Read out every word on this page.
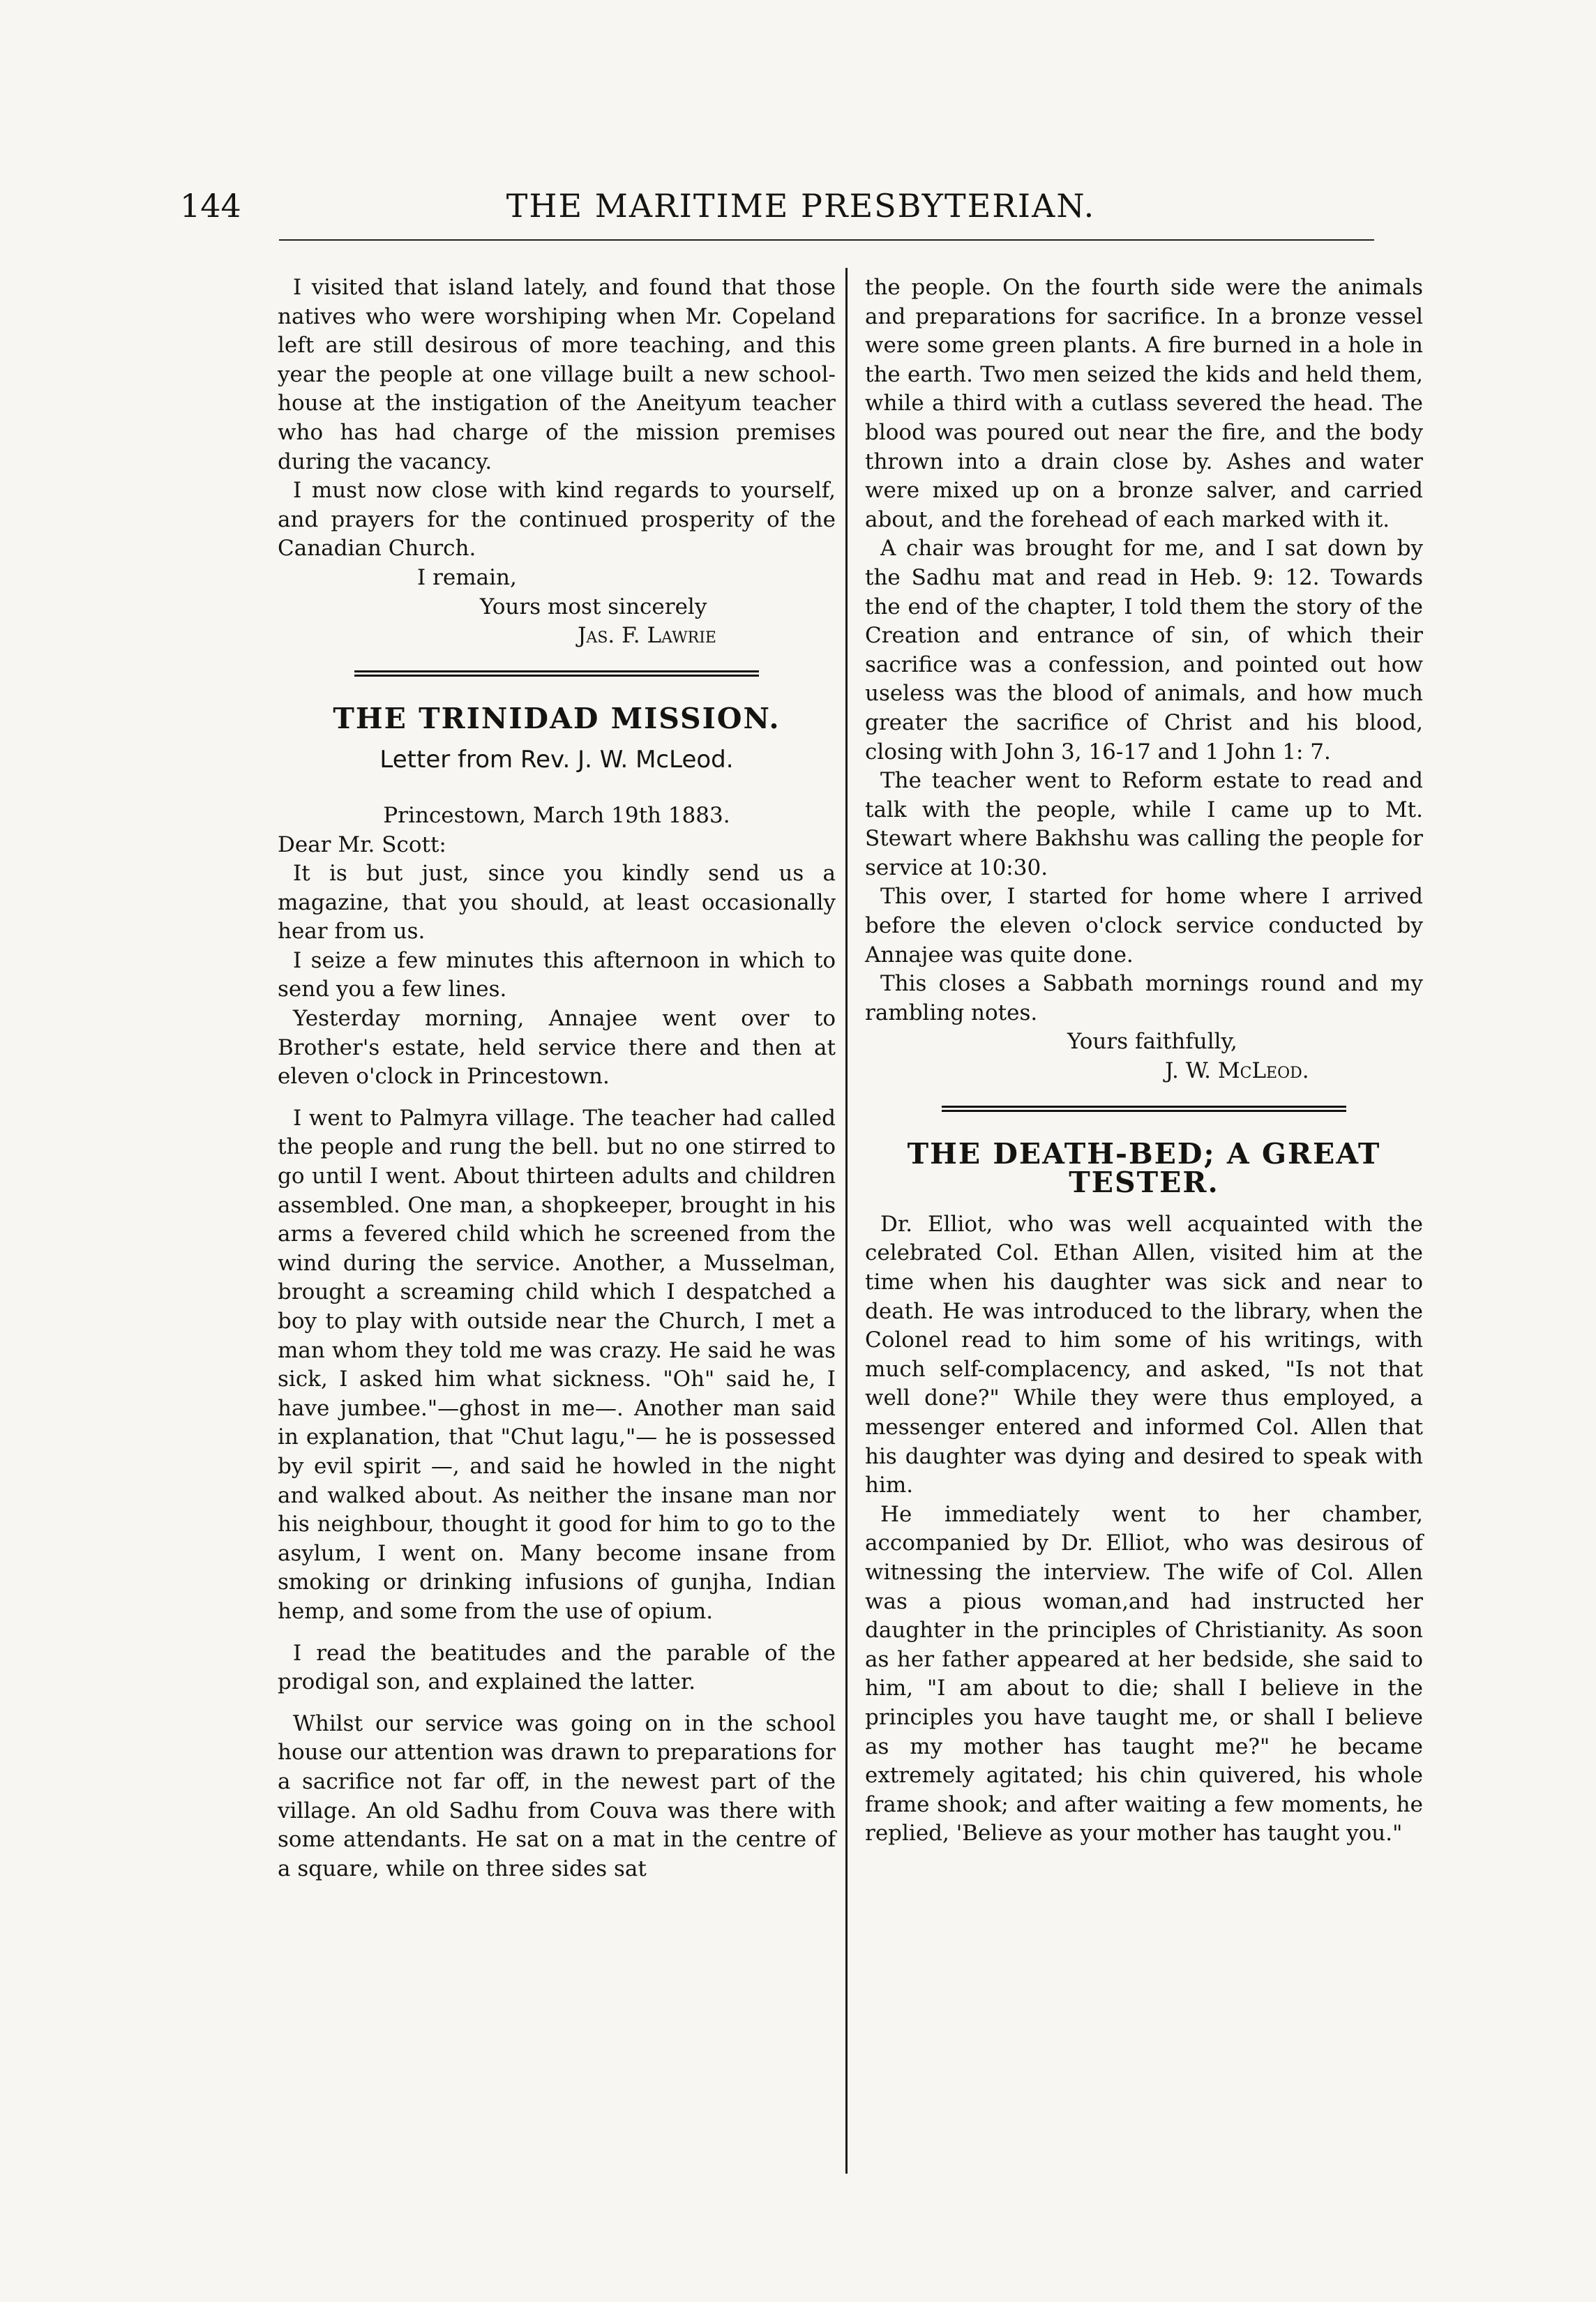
144	THE MARITIME PRESBYTERIAN.

I visited that island lately, and found that those natives who were worshiping when Mr. Copeland left are still desirous of more teaching, and this year the people at one village built a new school-house at the instigation of the Aneityum teacher who has had charge of the mission premises during the vacancy.

I must now close with kind regards to yourself, and prayers for the continued prosperity of the Canadian Church.

I remain,

Yours most sincerely

Jas. F. Lawrie

THE TRINIDAD MISSION.

Letter from Rev. J. W. McLeod.

Princestown, March 19th 1883.

Dear Mr. Scott:

It is but just, since you kindly send us a magazine, that you should, at least occasionally hear from us.

I seize a few minutes this afternoon in which to send you a few lines.

Yesterday morning, Annajee went over to Brother's estate, held service there and then at eleven o'clock in Princestown.

I went to Palmyra village. The teacher had called the people and rung the bell. but no one stirred to go until I went. About thirteen adults and children assembled. One man, a shopkeeper, brought in his arms a fevered child which he screened from the wind during the service. Another, a Musselman, brought a screaming child which I despatched a boy to play with outside near the Church, I met a man whom they told me was crazy. He said he was sick, I asked him what sickness. "Oh" said he, I have jumbee."—ghost in me—. Another man said in explanation, that "Chut lagu,"— he is possessed by evil spirit —, and said he howled in the night and walked about. As neither the insane man nor his neighbour, thought it good for him to go to the asylum, I went on. Many become insane from smoking or drinking infusions of gunjha, Indian hemp, and some from the use of opium.

I read the beatitudes and the parable of the prodigal son, and explained the latter.

Whilst our service was going on in the school house our attention was drawn to preparations for a sacrifice not far off, in the newest part of the village. An old Sadhu from Couva was there with some attendants. He sat on a mat in the centre of a square, while on three sides sat

the people. On the fourth side were the animals and preparations for sacrifice. In a bronze vessel were some green plants. A fire burned in a hole in the earth. Two men seized the kids and held them, while a third with a cutlass severed the head. The blood was poured out near the fire, and the body thrown into a drain close by. Ashes and water were mixed up on a bronze salver, and carried about, and the forehead of each marked with it.

A chair was brought for me, and I sat down by the Sadhu mat and read in Heb. 9: 12. Towards the end of the chapter, I told them the story of the Creation and entrance of sin, of which their sacrifice was a confession, and pointed out how useless was the blood of animals, and how much greater the sacrifice of Christ and his blood, closing with John 3, 16-17 and 1 John 1: 7.

The teacher went to Reform estate to read and talk with the people, while I came up to Mt. Stewart where Bakhshu was calling the people for service at 10:30.

This over, I started for home where I arrived before the eleven o'clock service conducted by Annajee was quite done.

This closes a Sabbath mornings round and my rambling notes.

Yours faithfully,

J. W. McLeod.

THE DEATH-BED; A GREAT TESTER.

Dr. Elliot, who was well acquainted with the celebrated Col. Ethan Allen, visited him at the time when his daughter was sick and near to death. He was introduced to the library, when the Colonel read to him some of his writings, with much self-complacency, and asked, "Is not that well done?" While they were thus employed, a messenger entered and informed Col. Allen that his daughter was dying and desired to speak with him.

He immediately went to her chamber, accompanied by Dr. Elliot, who was desirous of witnessing the interview. The wife of Col. Allen was a pious woman,and had instructed her daughter in the principles of Christianity. As soon as her father appeared at her bedside, she said to him, "I am about to die; shall I believe in the principles you have taught me, or shall I believe as my mother has taught me?" he became extremely agitated; his chin quivered, his whole frame shook; and after waiting a few moments, he replied, 'Believe as your mother has taught you."
